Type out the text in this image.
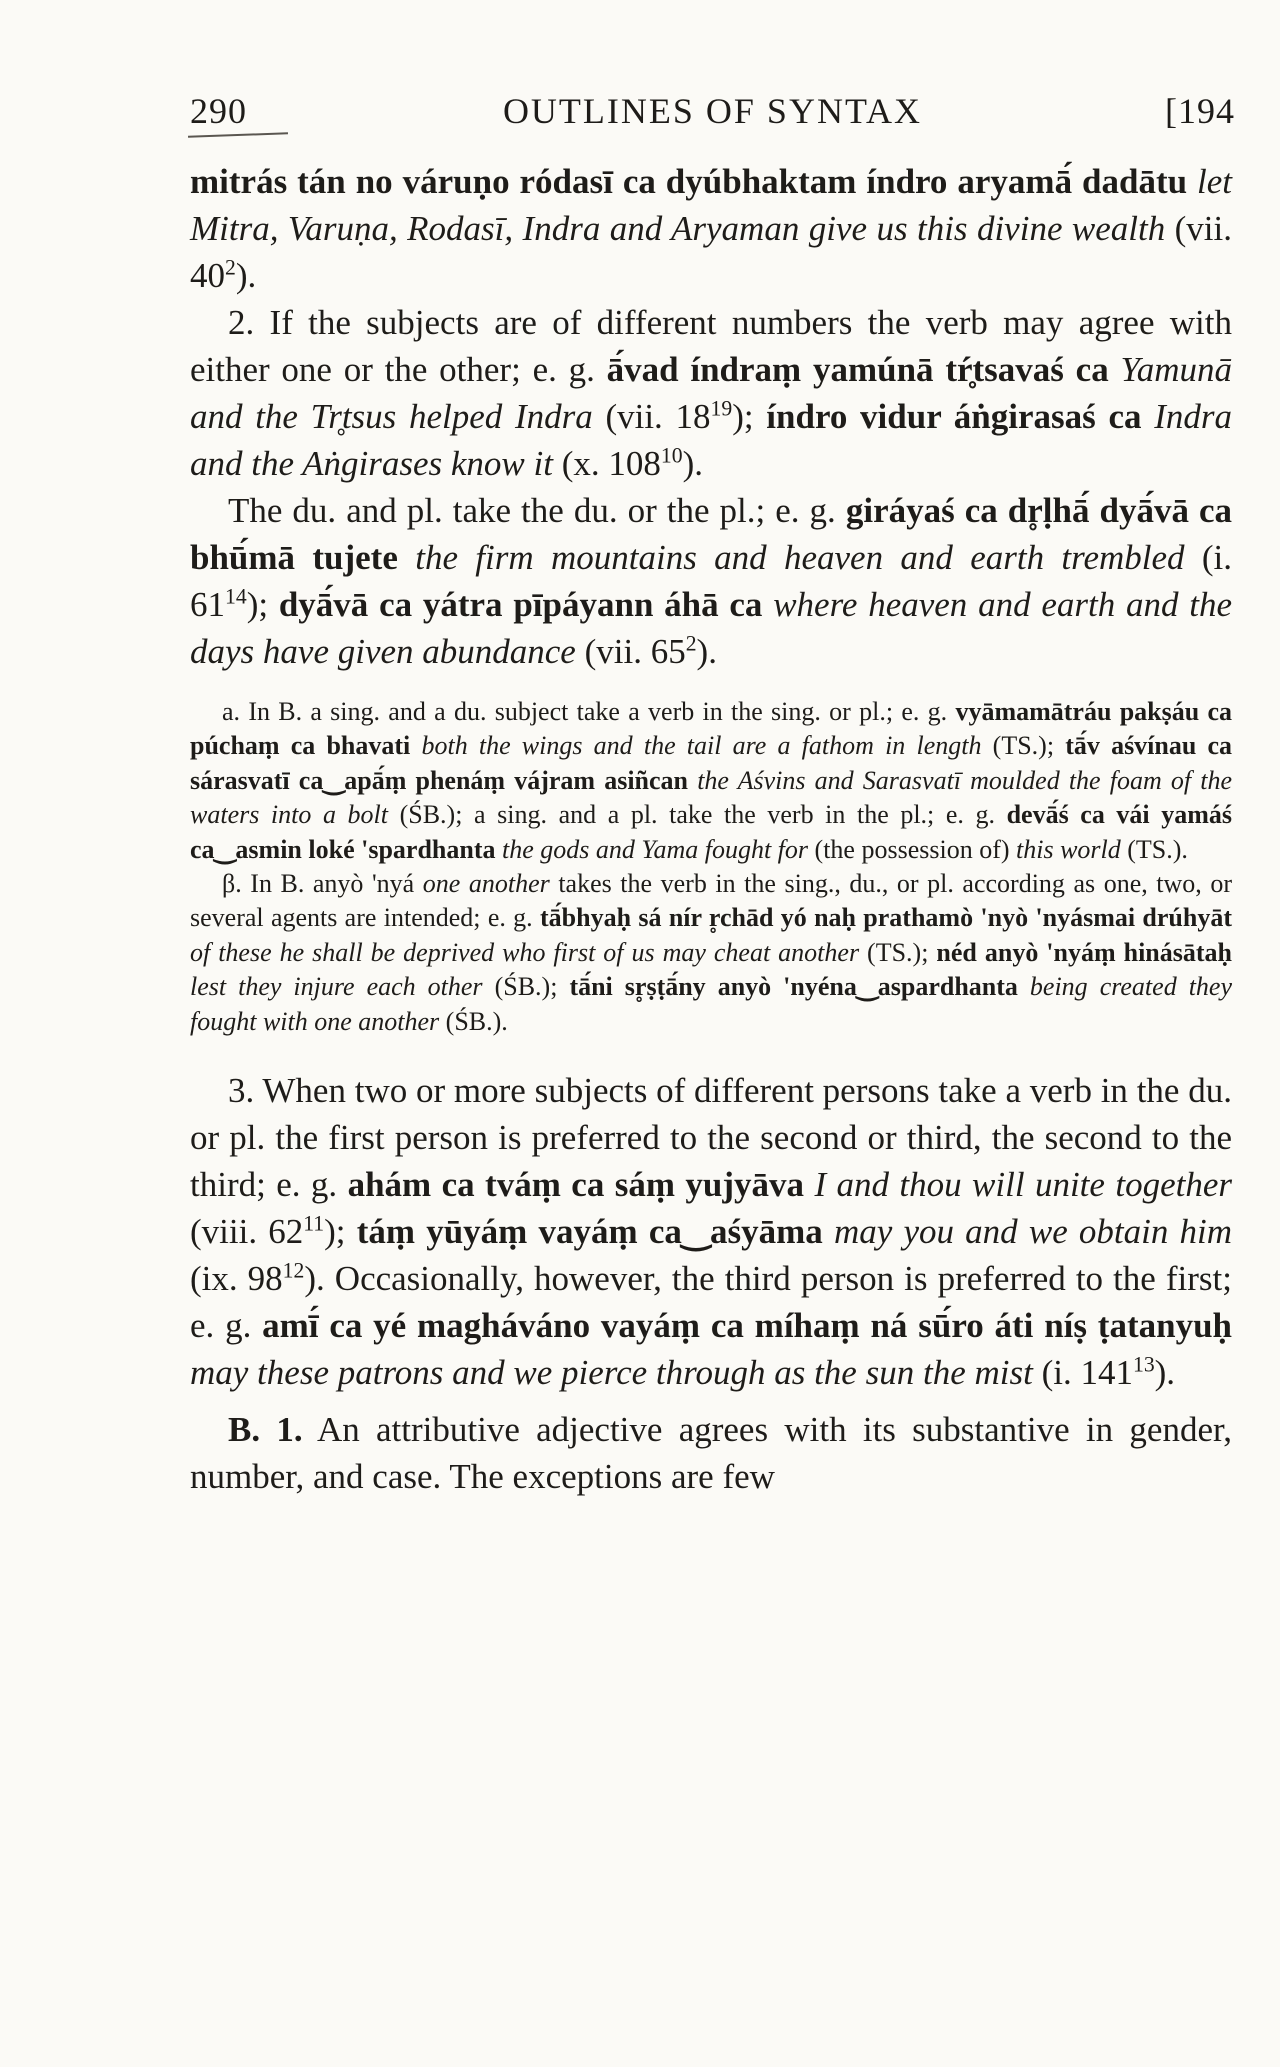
290	OUTLINES OF SYNTAX	[194

mitrás tán no váruṇo ródasī ca dyúbhaktam índro aryamā́ dadātu let Mitra, Varuṇa, Rodasī, Indra and Aryaman give us this divine wealth (vii. $40^2$).

2. If the subjects are of different numbers the verb may agree with either one or the other; e. g. ā́vad índraṃ yamúnā tŕ̥tsavaś ca Yamunā and the Tr̥tsus helped Indra (vii. $18^{19}$); índro vidur áṅgirasaś ca Indra and the Aṅgirases know it (x. $108^{10}$).

The du. and pl. take the du. or the pl.; e. g. giráyaś ca dr̥ḷhā́ dyā́vā ca bhū́mā tujete the firm mountains and heaven and earth trembled (i. $61^{14}$); dyā́vā ca yátra pīpáyann áhā ca where heaven and earth and the days have given abundance (vii. $65^2$).

a. In B. a sing. and a du. subject take a verb in the sing. or pl.; e. g. vyāmamātráu pakṣáu ca púchaṃ ca bhavati both the wings and the tail are a fathom in length (TS.); tā́v aśvínau ca sárasvatī ca‿apā́ṃ phenáṃ vájram asiñcan the Aśvins and Sarasvatī moulded the foam of the waters into a bolt (ŚB.); a sing. and a pl. take the verb in the pl.; e. g. devā́ś ca vái yamáś ca‿asmin loké 'spardhanta the gods and Yama fought for (the possession of) this world (TS.).

β. In B. anyò 'nyá one another takes the verb in the sing., du., or pl. according as one, two, or several agents are intended; e. g. tā́bhyaḥ sá nír r̥chād yó naḥ prathamò 'nyò 'nyásmai drúhyāt of these he shall be deprived who first of us may cheat another (TS.); néd anyò 'nyáṃ hinásātaḥ lest they injure each other (ŚB.); tā́ni sr̥ṣṭā́ny anyò 'nyéna‿aspardhanta being created they fought with one another (ŚB.).

3. When two or more subjects of different persons take a verb in the du. or pl. the first person is preferred to the second or third, the second to the third; e. g. ahám ca tváṃ ca sáṃ yujyāva I and thou will unite together (viii. $62^{11}$); táṃ yūyáṃ vayáṃ ca‿aśyāma may you and we obtain him (ix. $98^{12}$). Occasionally, however, the third person is preferred to the first; e. g. amī́ ca yé magháváno vayáṃ ca míhaṃ ná sū́ro áti níṣ ṭatanyuḥ may these patrons and we pierce through as the sun the mist (i. $141^{13}$).

B. 1. An attributive adjective agrees with its substantive in gender, number, and case. The exceptions are few
